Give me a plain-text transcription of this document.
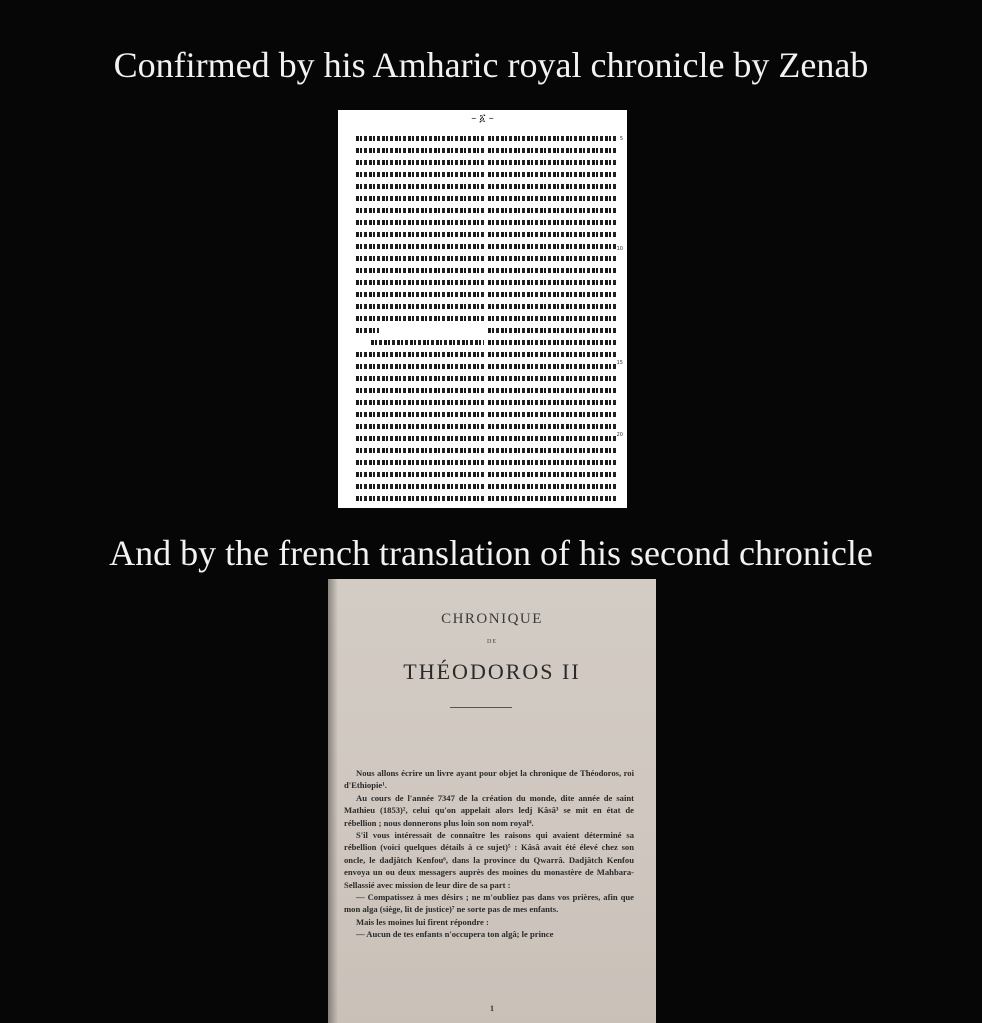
Confirmed by his Amharic royal chronicle by Zenab
– ፩ –
5
10
15
20
And by the french translation of his second chronicle
CHRONIQUE
DE
THÉODOROS II

Nous allons écrire un livre ayant pour objet la chronique de Théodoros, roi d'Ethiopie¹.

Au cours de l'année 7347 de la création du monde, dite année de saint Mathieu (1853)², celui qu'on appelait alors ledj Kâsâ³ se mit en état de rébellion ; nous donnerons plus loin son nom royal⁴.

S'il vous intéressait de connaître les raisons qui avaient déterminé sa rébellion (voici quelques détails à ce sujet)⁵ : Kâsâ avait été élevé chez son oncle, le dadjâtch Kenfou⁶, dans la province du Qwarrâ. Dadjâtch Kenfou envoya un ou deux messagers auprès des moines du monastère de Mahbara-Sellassié avec mission de leur dire de sa part :

— Compatissez à mes désirs ; ne m'oubliez pas dans vos prières, afin que mon alga (siège, lit de justice)⁷ ne sorte pas de mes enfants.

Mais les moines lui firent répondre :

— Aucun de tes enfants n'occupera ton algâ; le prince

1
